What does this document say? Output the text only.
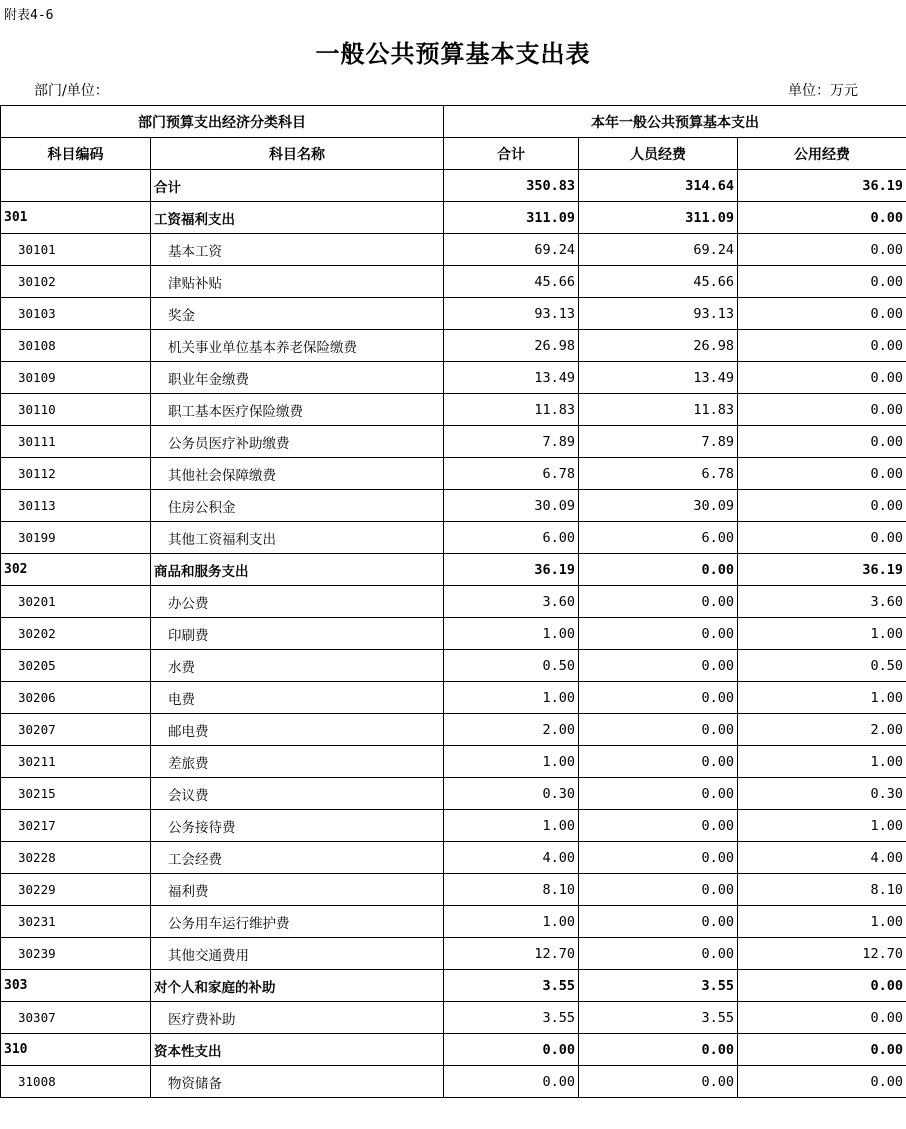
附表4-6
一般公共预算基本支出表
部门/单位：	单位：万元
部门预算支出经济分类科目		本年一般公共预算基本支出		
科目编码	科目名称	合计	人员经费	公用经费
	合计	350.83	314.64	36.19
301	工资福利支出	311.09	311.09	0.00
30101	基本工资	69.24	69.24	0.00
30102	津贴补贴	45.66	45.66	0.00
30103	奖金	93.13	93.13	0.00
30108	机关事业单位基本养老保险缴费	26.98	26.98	0.00
30109	职业年金缴费	13.49	13.49	0.00
30110	职工基本医疗保险缴费	11.83	11.83	0.00
30111	公务员医疗补助缴费	7.89	7.89	0.00
30112	其他社会保障缴费	6.78	6.78	0.00
30113	住房公积金	30.09	30.09	0.00
30199	其他工资福利支出	6.00	6.00	0.00
302	商品和服务支出	36.19	0.00	36.19
30201	办公费	3.60	0.00	3.60
30202	印刷费	1.00	0.00	1.00
30205	水费	0.50	0.00	0.50
30206	电费	1.00	0.00	1.00
30207	邮电费	2.00	0.00	2.00
30211	差旅费	1.00	0.00	1.00
30215	会议费	0.30	0.00	0.30
30217	公务接待费	1.00	0.00	1.00
30228	工会经费	4.00	0.00	4.00
30229	福利费	8.10	0.00	8.10
30231	公务用车运行维护费	1.00	0.00	1.00
30239	其他交通费用	12.70	0.00	12.70
303	对个人和家庭的补助	3.55	3.55	0.00
30307	医疗费补助	3.55	3.55	0.00
310	资本性支出	0.00	0.00	0.00
31008	物资储备	0.00	0.00	0.00
